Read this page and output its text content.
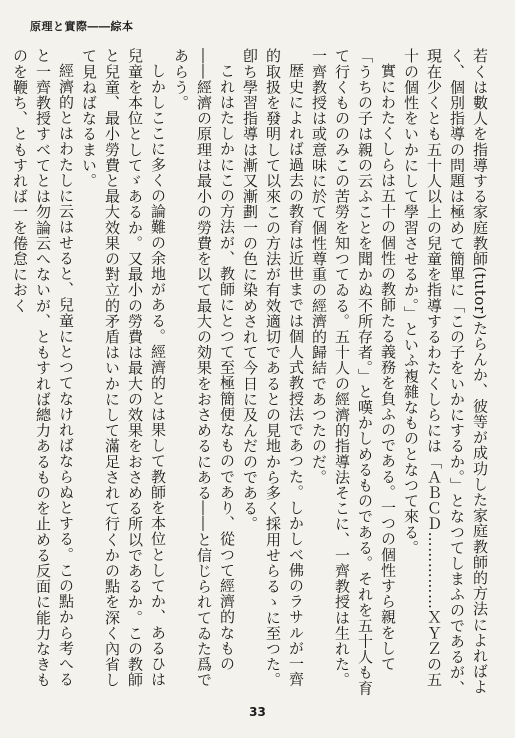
原理と實際――綜本

若くは數人を指導する家庭教師(tutor)たらんか、彼等が成功した家庭教師的方法によればよく、個別指導の問題は極めて簡單に「この子をいかにするか。」となつてしまふのであるが、現在少くとも五十人以上の兒童を指導するわたくしらには「ＡＢＣＤ……………ＸＹＺの五十の個性をいかにして學習させるか。」といふ複雜なものとなつて來る。

實にわたくしらは五十の個性の教師たる義務を負ふのである。一つの個性すら親をして「うちの子は親の云ふことを聞かぬ不所存者。」と嘆かしめるものである。それを五十人も育て行くもののみこの苦勞を知つてゐる。五十人の經濟的指導法そこに、一齊教授は生れた。一齊教授は或意味に於て個性尊重の經濟的歸結であつたのだ。

歴史によれば過去の教育は近世までは個人式教授法であつた。しかしべ佛のラサルが一齊的取扱を發明して以來この方法が有效適切であるとの見地から多く採用せらるゝに至つた。卽ち學習指導は漸又漸劃一の色に染めされて今日に及んだのである。

これはたしかにこの方法が、教師にとつて至極簡便なものであり、從つて經濟的なもの――經濟の原理は最小の勞費を以て最大の効果をおさめるにある――と信じられてゐた爲であらう。

しかしここに多くの論難の余地がある。經濟的とは果して教師を本位としてか、あるひは兒童を本位としてゞあるか。又最小の勞費は最大の效果をおさめる所以であるか。この教師と兒童、最小勞費と最大效果の對立的矛盾はいかにして滿足されて行くかの點を深く內省して見ねばなるまい。

經濟的とはわたしに云はせると、兒童にとつてなければならぬとする。この點から考へると一齊教授すべてとは勿論云へないが、ともすれば總力あるものを止める反面に能力なきものを鞭ち、ともすれば一を倦怠におく

33
